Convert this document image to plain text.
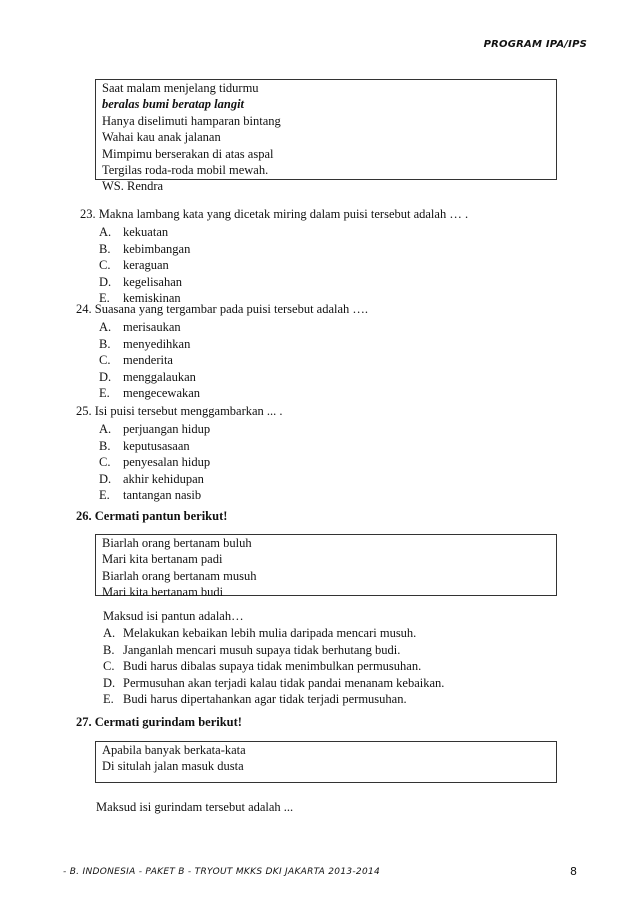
PROGRAM IPA/IPS
Saat malam menjelang tidurmu
beralas bumi beratap langit
Hanya diselimuti hamparan bintang
Wahai kau anak jalanan
Mimpimu berserakan di atas aspal
Tergilas roda-roda mobil mewah.
WS. Rendra
23. Makna lambang kata yang dicetak miring dalam puisi tersebut adalah … .
A. kekuatan
B.	kebimbangan
C.	keraguan
D. kegelisahan
E.	kemiskinan
24. Suasana yang tergambar pada puisi tersebut adalah ….
A. merisaukan
B.	menyedihkan
C.	menderita
D. menggalaukan
E.	mengecewakan
25. Isi puisi tersebut menggambarkan ... .
A. perjuangan hidup
B.	keputusasaan
C.	penyesalan hidup
D. akhir kehidupan
E.	tantangan nasib
26. Cermati pantun berikut!
Biarlah orang bertanam buluh
Mari kita bertanam padi
Biarlah orang bertanam musuh
Mari kita bertanam budi
Maksud isi pantun adalah…
A. Melakukan kebaikan lebih mulia daripada mencari musuh.
B. Janganlah mencari musuh supaya tidak berhutang budi.
C. Budi harus dibalas supaya tidak menimbulkan permusuhan.
D. Permusuhan akan terjadi kalau tidak pandai menanam kebaikan.
E. Budi harus dipertahankan agar tidak terjadi permusuhan.
27. Cermati gurindam berikut!
Apabila banyak berkata-kata
Di situlah jalan masuk dusta
Maksud isi gurindam tersebut adalah ...
- B. INDONESIA - PAKET B - TRYOUT MKKS DKI JAKARTA 2013-2014	8
